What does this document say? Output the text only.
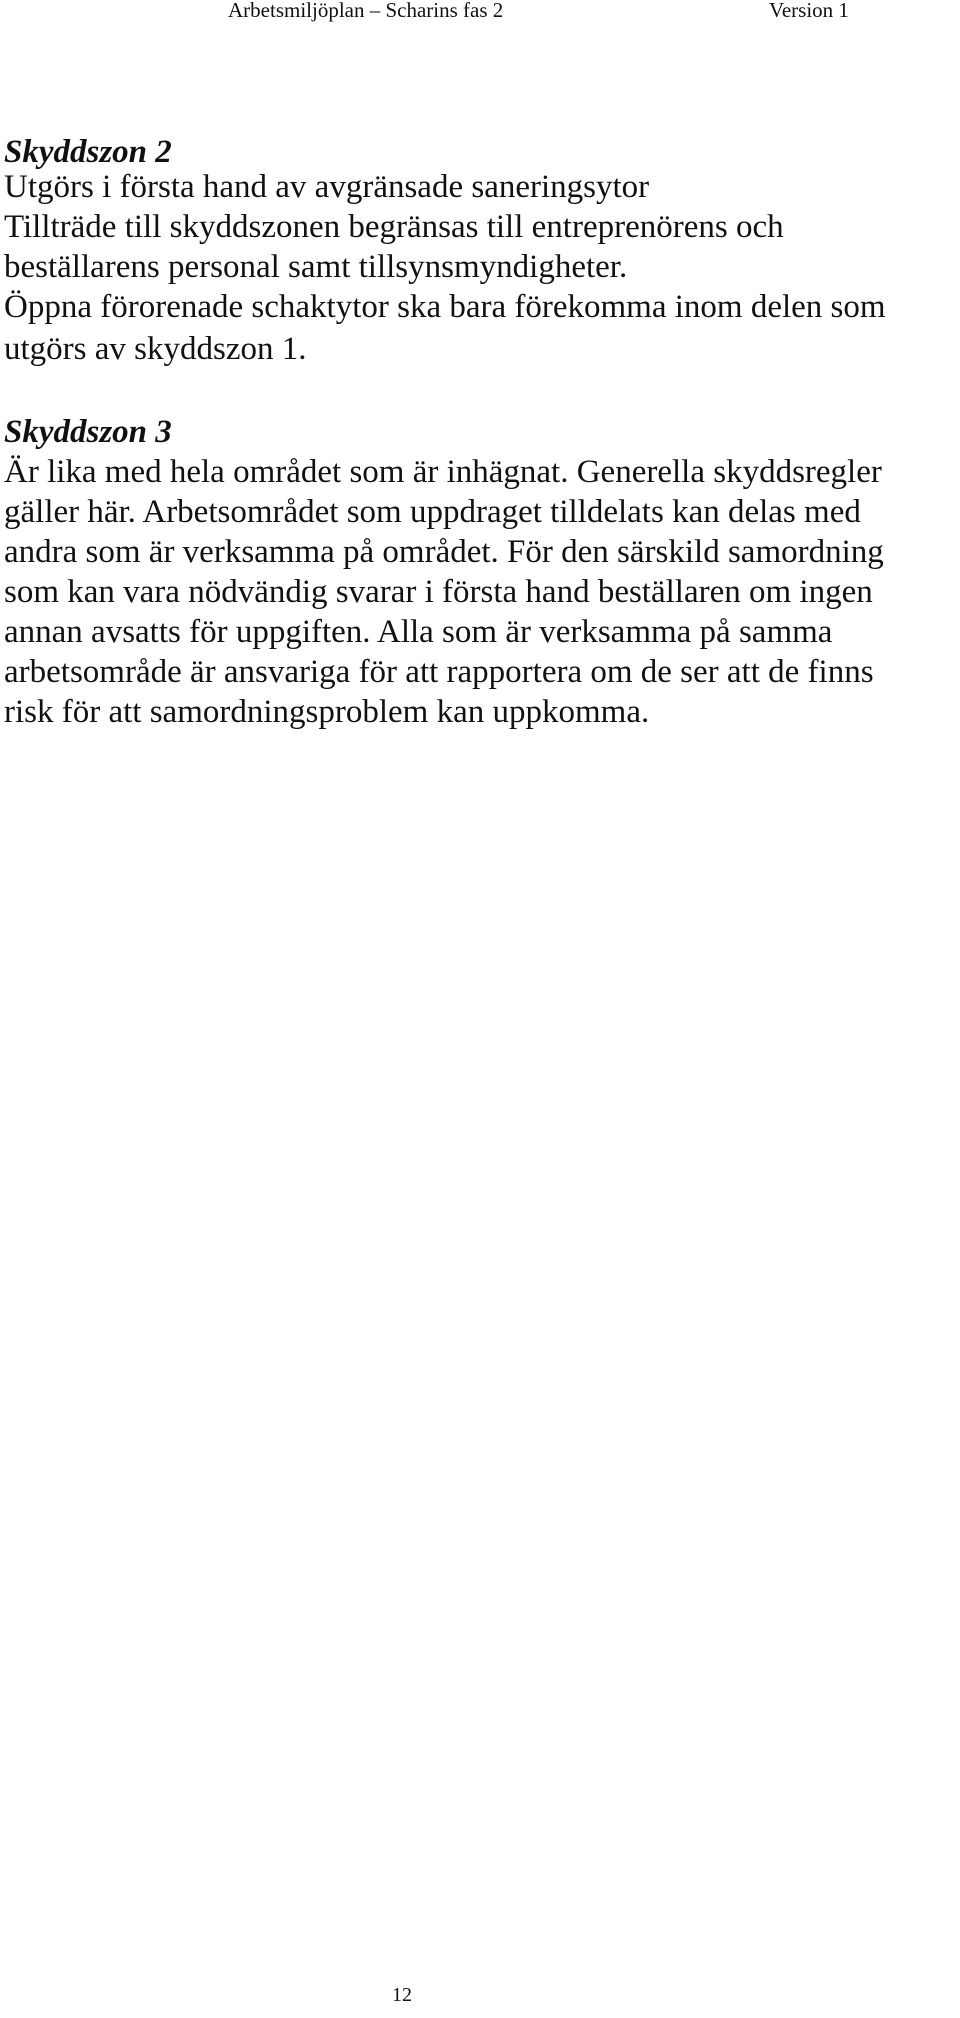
Arbetsmiljöplan – Scharins fas 2	Version 1
Skyddszon 2
Utgörs i första hand av avgränsade saneringsytor
Tillträde till skyddszonen begränsas till entreprenörens och
beställarens personal samt tillsynsmyndigheter.
Öppna förorenade schaktytor ska bara förekomma inom delen som
utgörs av skyddszon 1.
Skyddszon 3
Är lika med hela området som är inhägnat. Generella skyddsregler
gäller här. Arbetsområdet som uppdraget tilldelats kan delas med
andra som är verksamma på området. För den särskild samordning
som kan vara nödvändig svarar i första hand beställaren om ingen
annan avsatts för uppgiften. Alla som är verksamma på samma
arbetsområde är ansvariga för att rapportera om de ser att de finns
risk för att samordningsproblem kan uppkomma.
12
